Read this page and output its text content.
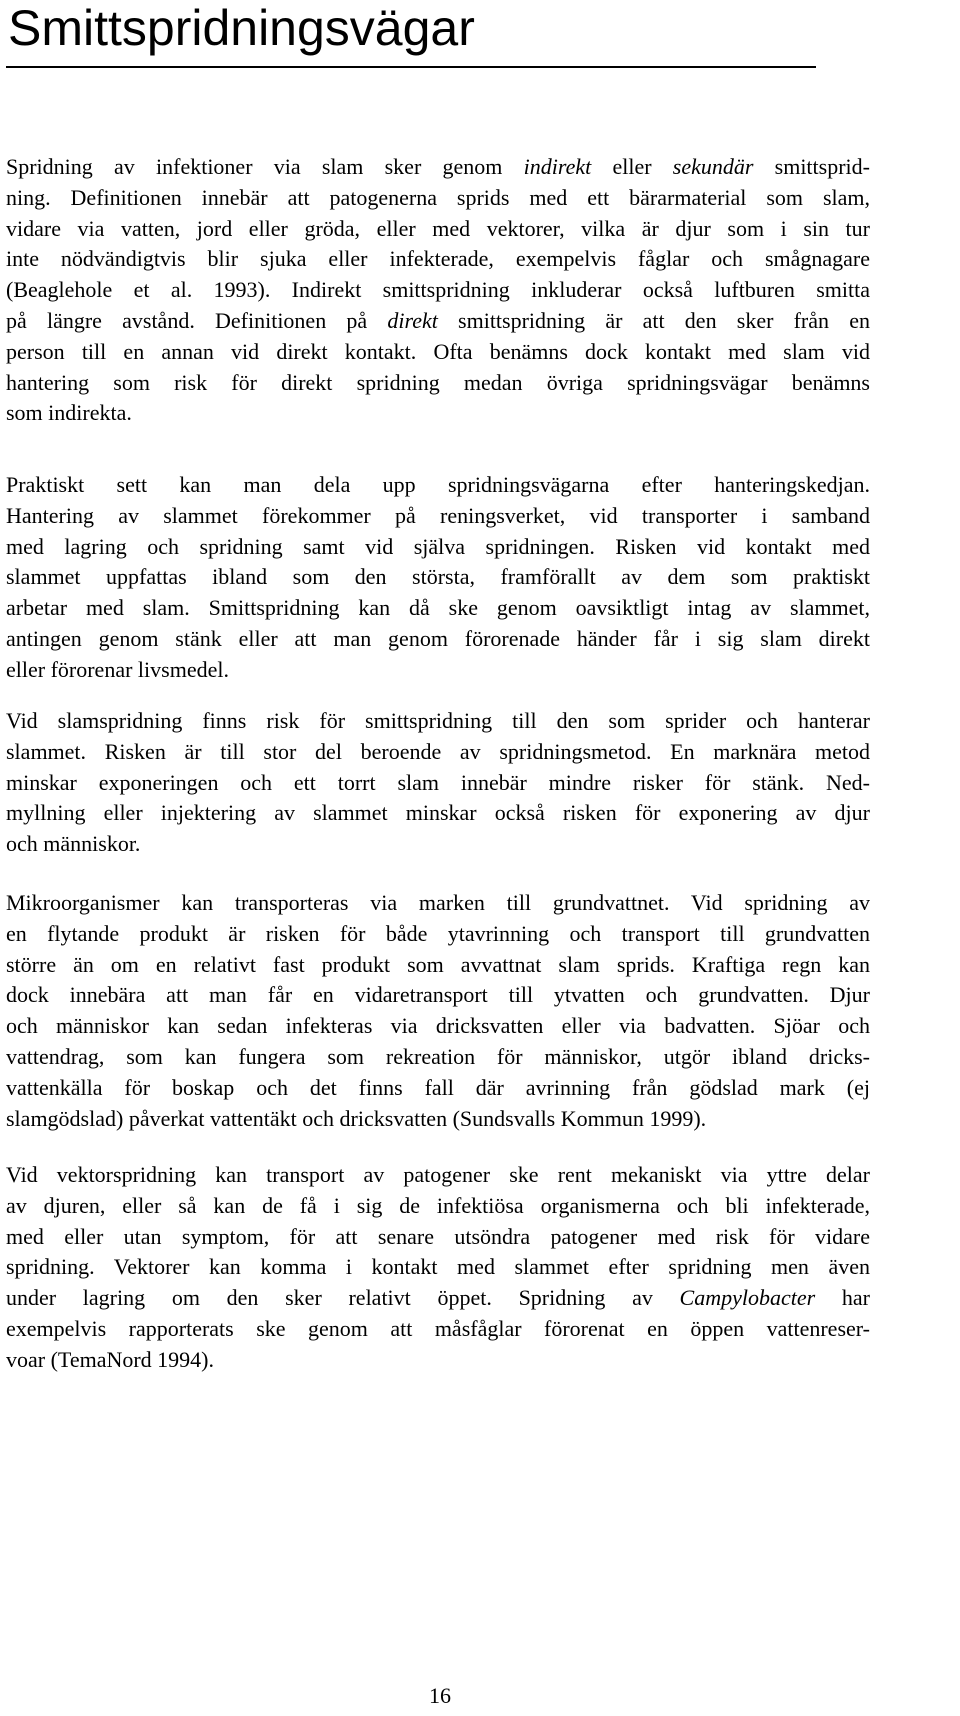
Smittspridningsvägar
Spridning av infektioner via slam sker genom indirekt eller sekundär smittsprid-
ning. Definitionen innebär att patogenerna sprids med ett bärarmaterial som slam,
vidare via vatten, jord eller gröda, eller med vektorer, vilka är djur som i sin tur
inte nödvändigtvis blir sjuka eller infekterade, exempelvis fåglar och smågnagare
(Beaglehole et al. 1993). Indirekt smittspridning inkluderar också luftburen smitta
på längre avstånd. Definitionen på direkt smittspridning är att den sker från en
person till en annan vid direkt kontakt. Ofta benämns dock kontakt med slam vid
hantering som risk för direkt spridning medan övriga spridningsvägar benämns
som indirekta.
Praktiskt sett kan man dela upp spridningsvägarna efter hanteringskedjan.
Hantering av slammet förekommer på reningsverket, vid transporter i samband
med lagring och spridning samt vid själva spridningen. Risken vid kontakt med
slammet uppfattas ibland som den största, framförallt av dem som praktiskt
arbetar med slam. Smittspridning kan då ske genom oavsiktligt intag av slammet,
antingen genom stänk eller att man genom förorenade händer får i sig slam direkt
eller förorenar livsmedel.
Vid slamspridning finns risk för smittspridning till den som sprider och hanterar
slammet. Risken är till stor del beroende av spridningsmetod. En marknära metod
minskar exponeringen och ett torrt slam innebär mindre risker för stänk. Ned-
myllning eller injektering av slammet minskar också risken för exponering av djur
och människor.
Mikroorganismer kan transporteras via marken till grundvattnet. Vid spridning av
en flytande produkt är risken för både ytavrinning och transport till grundvatten
större än om en relativt fast produkt som avvattnat slam sprids. Kraftiga regn kan
dock innebära att man får en vidaretransport till ytvatten och grundvatten. Djur
och människor kan sedan infekteras via dricksvatten eller via badvatten. Sjöar och
vattendrag, som kan fungera som rekreation för människor, utgör ibland dricks-
vattenkälla för boskap och det finns fall där avrinning från gödslad mark (ej
slamgödslad) påverkat vattentäkt och dricksvatten (Sundsvalls Kommun 1999).
Vid vektorspridning kan transport av patogener ske rent mekaniskt via yttre delar
av djuren, eller så kan de få i sig de infektiösa organismerna och bli infekterade,
med eller utan symptom, för att senare utsöndra patogener med risk för vidare
spridning. Vektorer kan komma i kontakt med slammet efter spridning men även
under lagring om den sker relativt öppet. Spridning av Campylobacter har
exempelvis rapporterats ske genom att måsfåglar förorenat en öppen vattenreser-
voar (TemaNord 1994).
16
